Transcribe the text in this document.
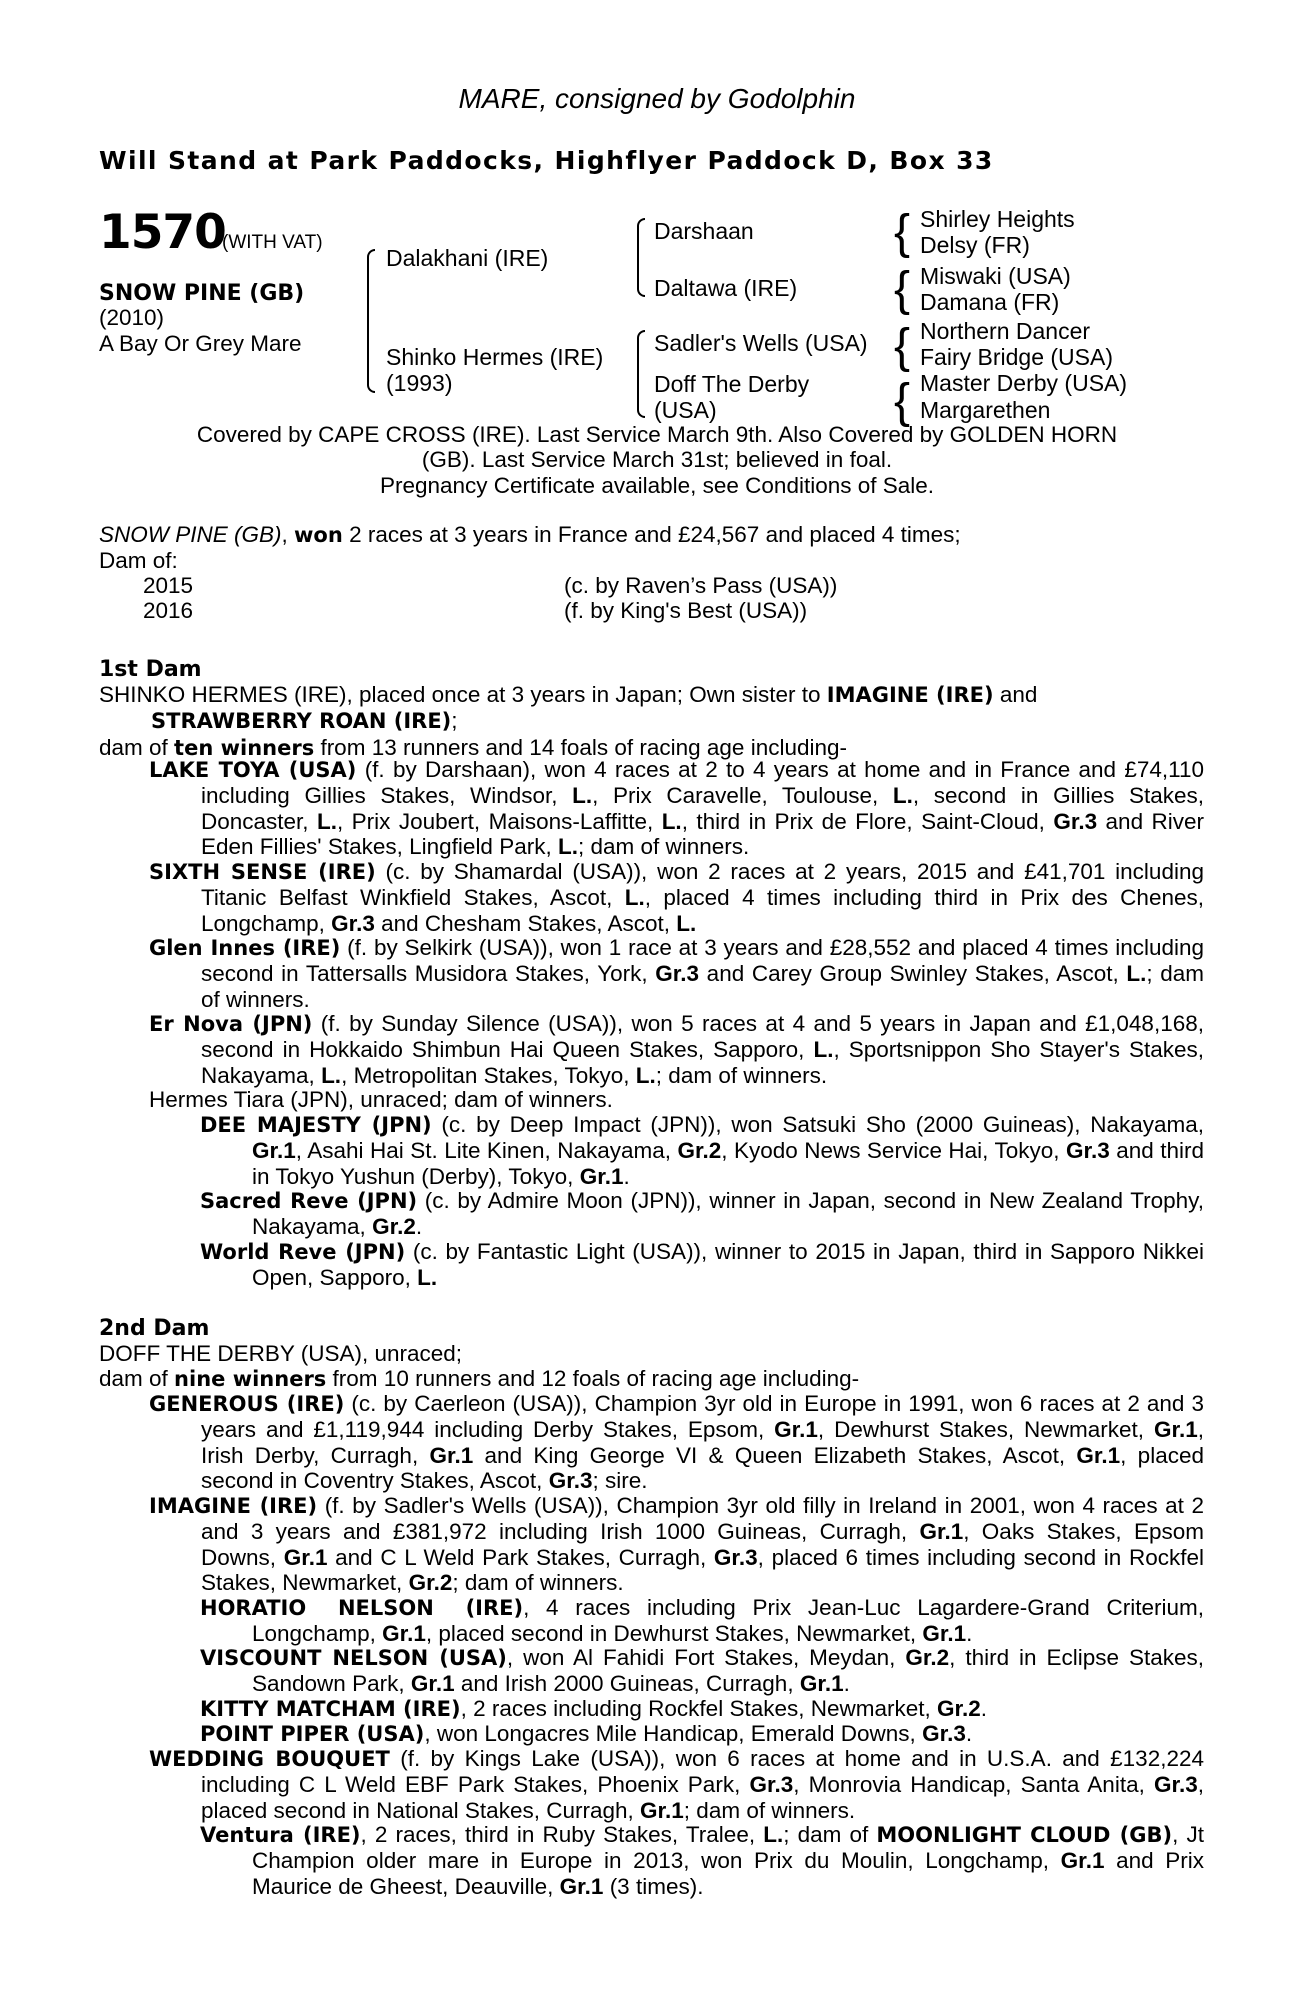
MARE, consigned by Godolphin
Will Stand at Park Paddocks, Highflyer Paddock D, Box 33
1570
(WITH VAT)
SNOW PINE (GB)
(2010)
A Bay Or Grey Mare
Dalakhani (IRE)
Shinko Hermes (IRE)
(1993)
Darshaan
Daltawa (IRE)
Sadler's Wells (USA)
Doff The Derby
(USA)
{
{
{
{
Shirley Heights
Delsy (FR)
Miswaki (USA)
Damana (FR)
Northern Dancer
Fairy Bridge (USA)
Master Derby (USA)
Margarethen
Covered by CAPE CROSS (IRE). Last Service March 9th. Also Covered by GOLDEN HORN
(GB). Last Service March 31st; believed in foal.
Pregnancy Certificate available, see Conditions of Sale.
SNOW PINE (GB), won 2 races at 3 years in France and £24,567 and placed 4 times;
Dam of:
2015	(c. by Raven’s Pass (USA))
2016	(f. by King's Best (USA))
1st Dam

SHINKO HERMES (IRE), placed once at 3 years in Japan; Own sister to IMAGINE (IRE) and

STRAWBERRY ROAN (IRE);

dam of ten winners from 13 runners and 14 foals of racing age including-

LAKE TOYA (USA) (f. by Darshaan), won 4 races at 2 to 4 years at home and in France and £74,110 including Gillies Stakes, Windsor, L., Prix Caravelle, Toulouse, L., second in Gillies Stakes, Doncaster, L., Prix Joubert, Maisons-Laffitte, L., third in Prix de Flore, Saint-Cloud, Gr.3 and River Eden Fillies' Stakes, Lingfield Park, L.; dam of winners.
SIXTH SENSE (IRE) (c. by Shamardal (USA)), won 2 races at 2 years, 2015 and £41,701 including Titanic Belfast Winkfield Stakes, Ascot, L., placed 4 times including third in Prix des Chenes, Longchamp, Gr.3 and Chesham Stakes, Ascot, L.
Glen Innes (IRE) (f. by Selkirk (USA)), won 1 race at 3 years and £28,552 and placed 4 times including second in Tattersalls Musidora Stakes, York, Gr.3 and Carey Group Swinley Stakes, Ascot, L.; dam of winners.
Er Nova (JPN) (f. by Sunday Silence (USA)), won 5 races at 4 and 5 years in Japan and £1,048,168, second in Hokkaido Shimbun Hai Queen Stakes, Sapporo, L., Sportsnippon Sho Stayer's Stakes, Nakayama, L., Metropolitan Stakes, Tokyo, L.; dam of winners.
Hermes Tiara (JPN), unraced; dam of winners.
DEE MAJESTY (JPN) (c. by Deep Impact (JPN)), won Satsuki Sho (2000 Guineas), Nakayama, Gr.1, Asahi Hai St. Lite Kinen, Nakayama, Gr.2, Kyodo News Service Hai, Tokyo, Gr.3 and third in Tokyo Yushun (Derby), Tokyo, Gr.1.
Sacred Reve (JPN) (c. by Admire Moon (JPN)), winner in Japan, second in New Zealand Trophy, Nakayama, Gr.2.
World Reve (JPN) (c. by Fantastic Light (USA)), winner to 2015 in Japan, third in Sapporo Nikkei Open, Sapporo, L.
2nd Dam
DOFF THE DERBY (USA), unraced;
dam of nine winners from 10 runners and 12 foals of racing age including-
GENEROUS (IRE) (c. by Caerleon (USA)), Champion 3yr old in Europe in 1991, won 6 races at 2 and 3 years and £1,119,944 including Derby Stakes, Epsom, Gr.1, Dewhurst Stakes, Newmarket, Gr.1, Irish Derby, Curragh, Gr.1 and King George VI & Queen Elizabeth Stakes, Ascot, Gr.1, placed second in Coventry Stakes, Ascot, Gr.3; sire.
IMAGINE (IRE) (f. by Sadler's Wells (USA)), Champion 3yr old filly in Ireland in 2001, won 4 races at 2 and 3 years and £381,972 including Irish 1000 Guineas, Curragh, Gr.1, Oaks Stakes, Epsom Downs, Gr.1 and C L Weld Park Stakes, Curragh, Gr.3, placed 6 times including second in Rockfel Stakes, Newmarket, Gr.2; dam of winners.
HORATIO NELSON (IRE), 4 races including Prix Jean-Luc Lagardere-Grand Criterium, Longchamp, Gr.1, placed second in Dewhurst Stakes, Newmarket, Gr.1.
VISCOUNT NELSON (USA), won Al Fahidi Fort Stakes, Meydan, Gr.2, third in Eclipse Stakes, Sandown Park, Gr.1 and Irish 2000 Guineas, Curragh, Gr.1.
KITTY MATCHAM (IRE), 2 races including Rockfel Stakes, Newmarket, Gr.2.
POINT PIPER (USA), won Longacres Mile Handicap, Emerald Downs, Gr.3.
WEDDING BOUQUET (f. by Kings Lake (USA)), won 6 races at home and in U.S.A. and £132,224 including C L Weld EBF Park Stakes, Phoenix Park, Gr.3, Monrovia Handicap, Santa Anita, Gr.3, placed second in National Stakes, Curragh, Gr.1; dam of winners.
Ventura (IRE), 2 races, third in Ruby Stakes, Tralee, L.; dam of MOONLIGHT CLOUD (GB), Jt Champion older mare in Europe in 2013, won Prix du Moulin, Longchamp, Gr.1 and Prix Maurice de Gheest, Deauville, Gr.1 (3 times).
